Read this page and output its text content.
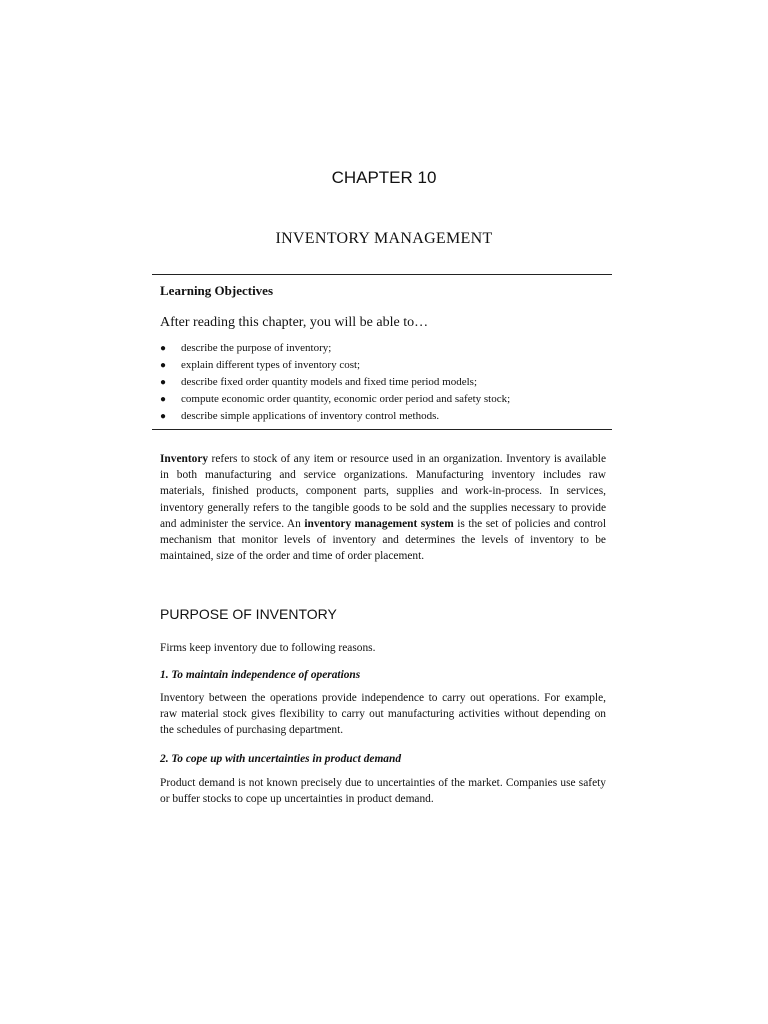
CHAPTER 10
INVENTORY MANAGEMENT
Learning Objectives
After reading this chapter, you will be able to…
● describe the purpose of inventory;
● explain different types of inventory cost;
● describe fixed order quantity models and fixed time period models;
● compute economic order quantity, economic order period and safety stock;
● describe simple applications of inventory control methods.

Inventory refers to stock of any item or resource used in an organization. Inventory is available in both manufacturing and service organizations. Manufacturing inventory includes raw materials, finished products, component parts, supplies and work-in-process. In services, inventory generally refers to the tangible goods to be sold and the supplies necessary to provide and administer the service. An inventory management system is the set of policies and control mechanism that monitor levels of inventory and determines the levels of inventory to be maintained, size of the order and time of order placement.

PURPOSE OF INVENTORY

Firms keep inventory due to following reasons.

1. To maintain independence of operations

Inventory between the operations provide independence to carry out operations. For example, raw material stock gives flexibility to carry out manufacturing activities without depending on the schedules of purchasing department.

2. To cope up with uncertainties in product demand

Product demand is not known precisely due to uncertainties of the market. Companies use safety or buffer stocks to cope up uncertainties in product demand.
